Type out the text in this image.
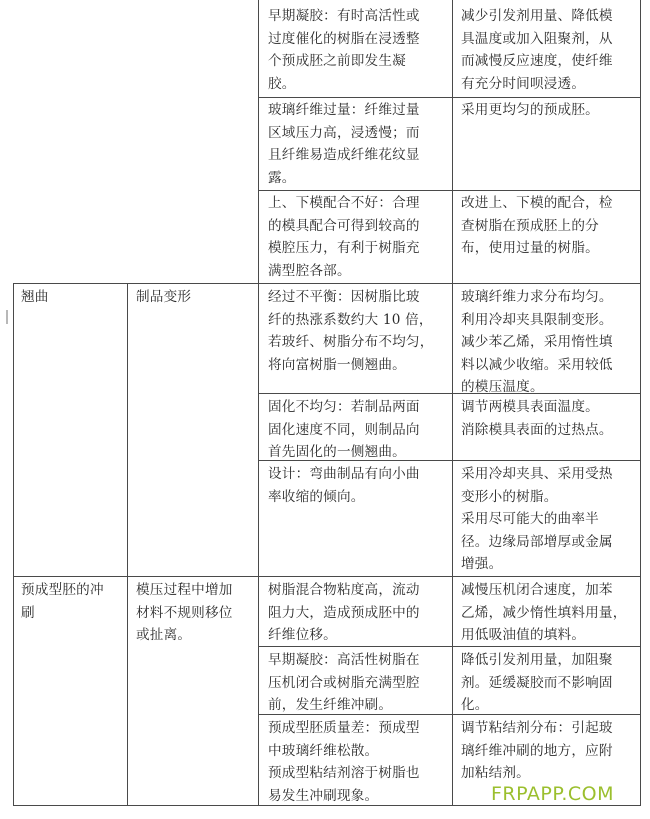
早期凝胶：有时高活性或
过度催化的树脂在浸透整
个预成胚之前即发生凝
胶。
减少引发剂用量、降低模
具温度或加入阻聚剂，从
而减慢反应速度，使纤维
有充分时间呗浸透。
玻璃纤维过量：纤维过量
区域压力高，浸透慢；而
且纤维易造成纤维花纹显
露。
采用更均匀的预成胚。
上、下模配合不好：合理
的模具配合可得到较高的
模腔压力，有利于树脂充
满型腔各部。
改进上、下模的配合，检
查树脂在预成胚上的分
布，使用过量的树脂。
翘曲	制品变形	经过不平衡：因树脂比玻
纤的热涨系数约大 10 倍，
若玻纤、树脂分布不均匀，
将向富树脂一侧翘曲。
玻璃纤维力求分布均匀。
利用冷却夹具限制变形。
减少苯乙烯，采用惰性填
料以减少收缩。采用较低
的模压温度。
固化不均匀：若制品两面
固化速度不同，则制品向
首先固化的一侧翘曲。
调节两模具表面温度。
消除模具表面的过热点。
设计：弯曲制品有向小曲
率收缩的倾向。
采用冷却夹具、采用受热
变形小的树脂。
采用尽可能大的曲率半
径。边缘局部增厚或金属
增强。
预成型胚的冲
刷
模压过程中增加
材料不规则移位
或扯离。
树脂混合物粘度高，流动
阻力大，造成预成胚中的
纤维位移。
减慢压机闭合速度，加苯
乙烯，减少惰性填料用量，
用低吸油值的填料。
早期凝胶：高活性树脂在
压机闭合或树脂充满型腔
前，发生纤维冲刷。
降低引发剂用量，加阻聚
剂。延缓凝胶而不影响固
化。
预成型胚质量差：预成型
中玻璃纤维松散。
预成型粘结剂溶于树脂也
易发生冲刷现象。
调节粘结剂分布：引起玻
璃纤维冲刷的地方，应附
加粘结剂。
FRPAPP.COM
